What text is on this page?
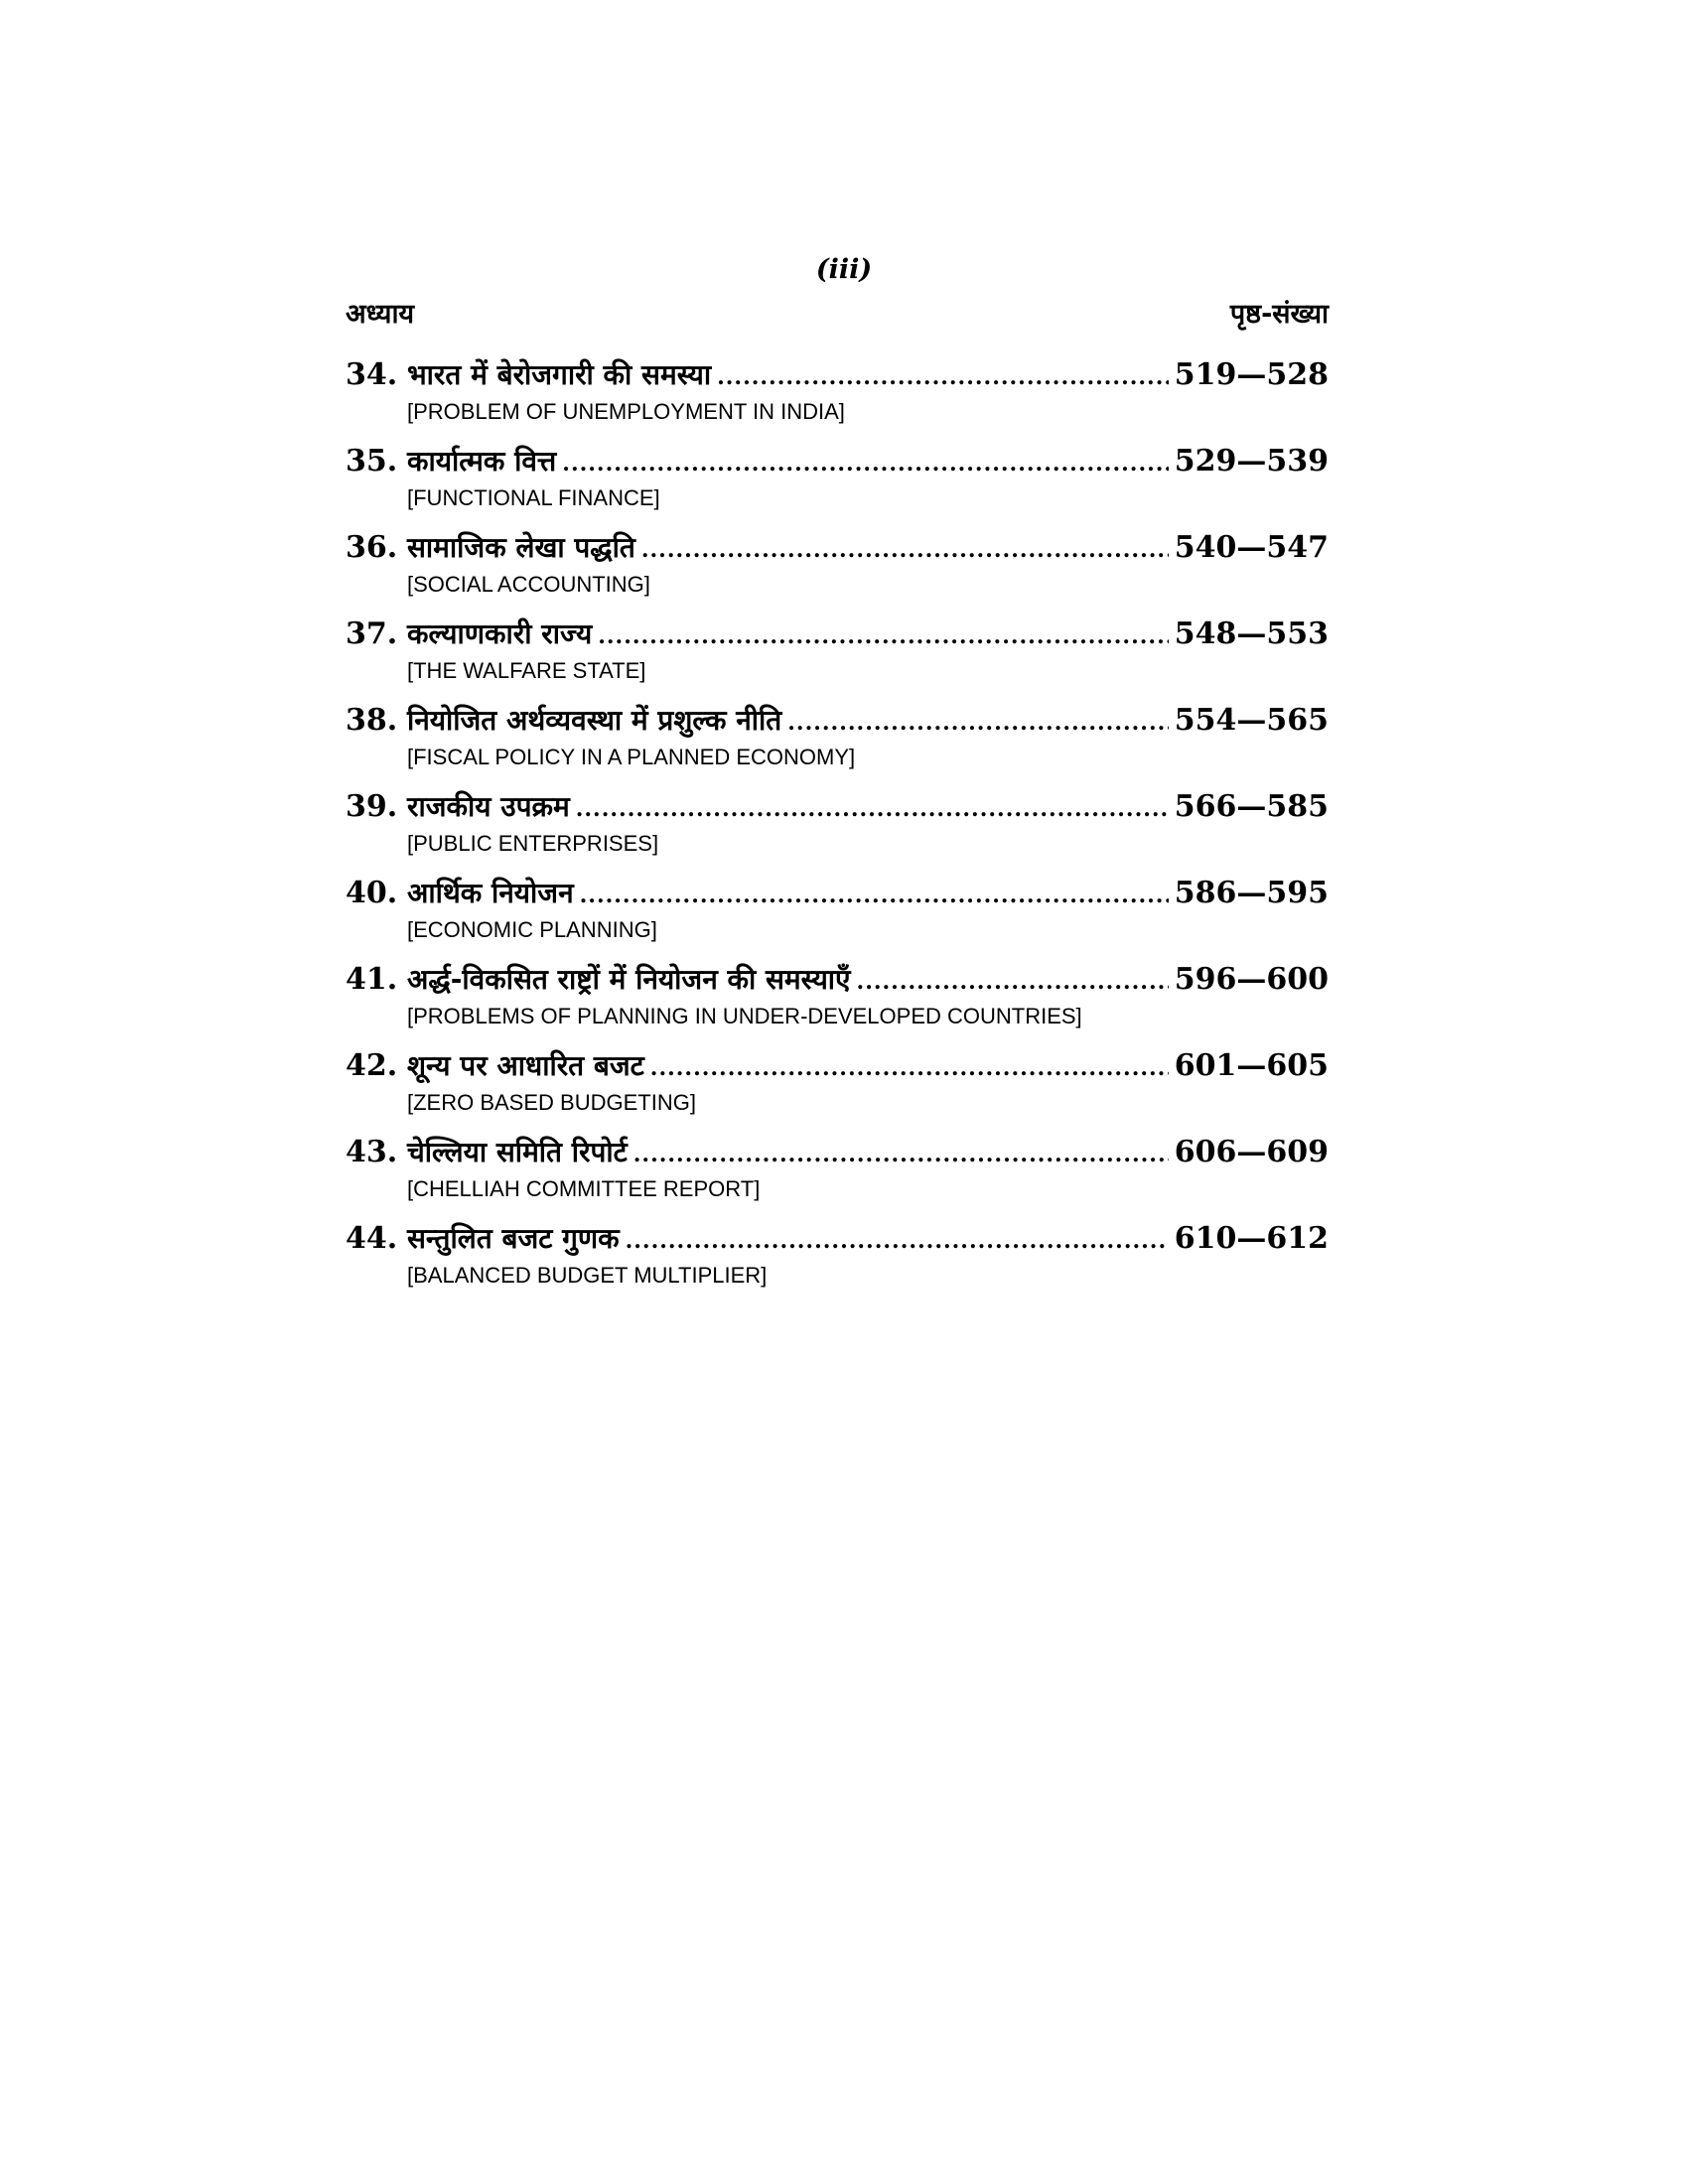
(iii)
अध्याय	पृष्ठ-संख्या
34. भारत में बेरोजगारी की समस्या .....	519—528
[PROBLEM OF UNEMPLOYMENT IN INDIA]
35. कार्यात्मक वित्त .....	529—539
[FUNCTIONAL FINANCE]
36. सामाजिक लेखा पद्धति .....	540—547
[SOCIAL ACCOUNTING]
37. कल्याणकारी राज्य .....	548—553
[THE WALFARE STATE]
38. नियोजित अर्थव्यवस्था में प्रशुल्क नीति .....	554—565
[FISCAL POLICY IN A PLANNED ECONOMY]
39. राजकीय उपक्रम .....	566—585
[PUBLIC ENTERPRISES]
40. आर्थिक नियोजन .....	586—595
[ECONOMIC PLANNING]
41. अर्द्ध-विकसित राष्ट्रों में नियोजन की समस्याएँ .....	596—600
[PROBLEMS OF PLANNING IN UNDER-DEVELOPED COUNTRIES]
42. शून्य पर आधारित बजट .....	601—605
[ZERO BASED BUDGETING]
43. चेल्लिया समिति रिपोर्ट .....	606—609
[CHELLIAH COMMITTEE REPORT]
44. सन्तुलित बजट गुणक .....	610—612
[BALANCED BUDGET MULTIPLIER]
